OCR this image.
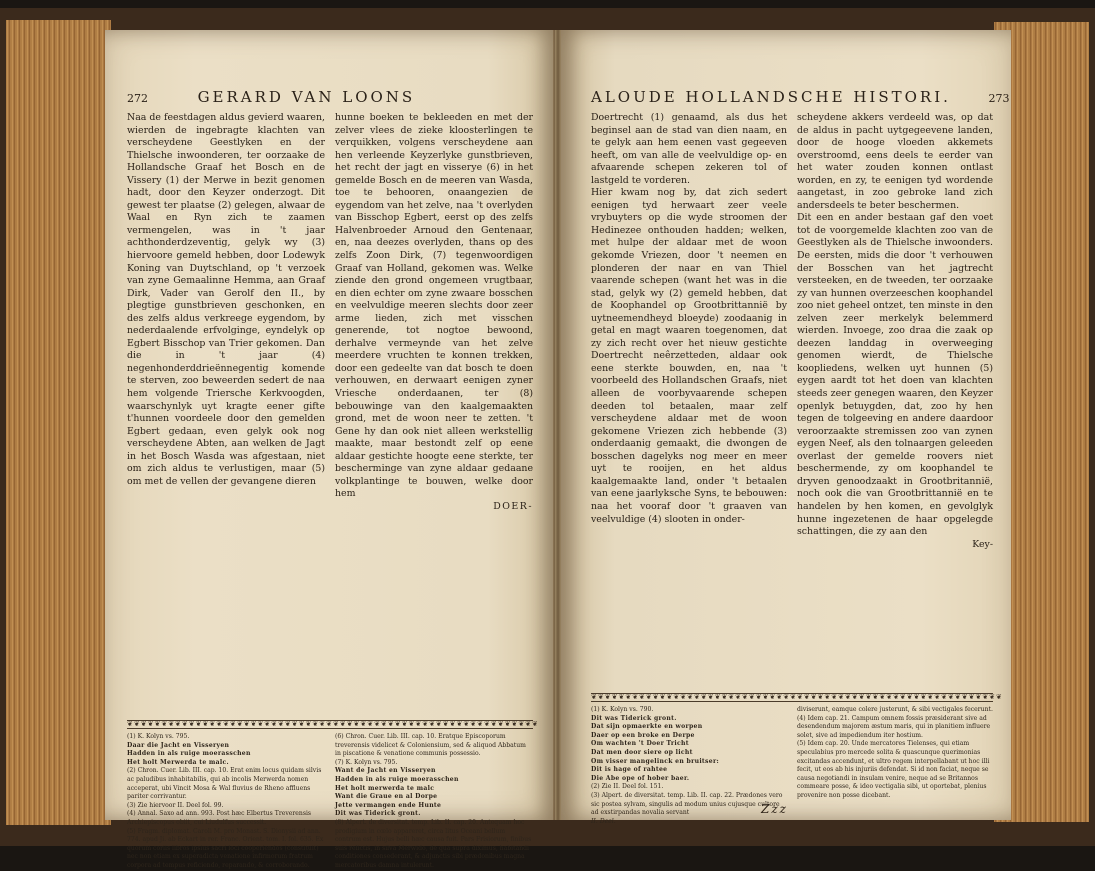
272	GERARD VAN LOONS

Naa de feestdagen aldus gevierd waaren, wierden de ingebragte klachten van verscheydene Geestlyken en der Thielsche inwoonderen, ter oorzaake de Hollandsche Graaf het Bosch en de Vissery (1) der Merwe in bezit genomen hadt, door den Keyzer onderzogt. Dit gewest ter plaatse (2) gelegen, alwaar de Waal en Ryn zich te zaamen vermengelen, was in 't jaar achthonderdzeventig, gelyk wy (3) hiervoore gemeld hebben, door Lodewyk Koning van Duytschland, op 't verzoek van zyne Gemaalinne Hemma, aan Graaf Dirk, Vader van Gerolf den II., by plegtige gunstbrieven geschonken, en des zelfs aldus verkreege eygendom, by nederdaalende erfvolginge, eyndelyk op Egbert Bisschop van Trier gekomen. Dan die in 't jaar (4) negenhonderddrieënnegentig komende te sterven, zoo beweerden sedert de naa hem volgende Triersche Kerkvoogden, waarschynlyk uyt kragte eener gifte t'hunnen voordeele door den gemelden Egbert gedaan, even gelyk ook nog verscheydene Abten, aan welken de Jagt in het Bosch Wasda was afgestaan, niet om zich aldus te verlustigen, maar (5) om met de vellen der gevangene dieren

hunne boeken te bekleeden en met der zelver vlees de zieke kloosterlingen te verquikken, volgens verscheydene aan hen verleende Keyzerlyke gunstbrieven, het recht der jagt en visserye (6) in het gemelde Bosch en de meeren van Wasda, toe te behooren, onaangezien de eygendom van het zelve, naa 't overlyden van Bisschop Egbert, eerst op des zelfs Halvenbroeder Arnoud den Gentenaar, en, naa deezes overlyden, thans op des zelfs Zoon Dirk, (7) tegenwoordigen Graaf van Holland, gekomen was. Welke ziende den grond ongemeen vrugtbaar, en dien echter om zyne zwaare bosschen en veelvuldige meeren slechts door zeer arme lieden, zich met visschen generende, tot nogtoe bewoond, derhalve vermeynde van het zelve meerdere vruchten te konnen trekken, door een gedeelte van dat bosch te doen verhouwen, en derwaart eenigen zyner Vriesche onderdaanen, ter (8) bebouwinge van den kaalgemaakten grond, met de woon neer te zetten. 't Gene hy dan ook niet alleen werkstellig maakte, maar bestondt zelf op eene aldaar gestichte hoogte eene sterkte, ter bescherminge van zyne aldaar gedaane volkplantinge te bouwen, welke door hem

DOER-
❦❦❦❦❦❦❦❦❦❦❦❦❦❦❦❦❦❦❦❦❦❦❦❦❦❦❦❦❦❦❦❦❦❦❦❦❦❦❦❦❦❦❦❦❦❦❦❦❦❦❦❦❦❦❦❦❦❦❦❦

(1) K. Kolyn vs. 795.

Daar die Jacht en Visseryen

Hadden in als ruige moerasschen

Het holt Merwerda te malc.

(2) Chron. Cuer. Lib. III. cap. 10. Erat enim locus quidam silvis ac paludibus inhabitabilis, qui ab incolis Merwerda nomen acceperat, ubi Vincit Mosa & Wal fluvius de Rheno affluens pariter corrivantur.

(3) Zie hiervoor II. Deel fol. 99.

(4) Annal. Saxo ad ann. 993. Post hæc Elbertus Treverensis Archiepiscopus obiit, cui Liudulfus successit.

(5) Fragm. diplomat. Caroli M. pro Monast. S. Dionysii ad ann. 774. apud Ji. ab Eckart in rer. Franc. Orient. tom. I. fol. 635. Ex quorum coriis libros ipsius sacri loci cooperiendos (constituit) nec non etiam ex superadicta venatione infirmorum fratrum corpora ad tempus reficiendo, reparando, & corroborando.

(6) Chron. Cuer. Lib. III. cap. 10. Eratque Episcoporum treverensis videlicet & Coloniensium, sed & aliquod Abbatum in piscatione & venatione communis possessio.

(7) K. Kolyn vs. 795.

Want de Jacht en Visseryen

Hadden in als ruige moerasschen

Het holt merwerda te malc

Want die Graue en al Dorpe

Jette vermangen ende Hunte

Dit was Tiderick gront.

(8) Alpert. de diversitat. temp. Lib. II. cap. 20. Antequam hoc prodigium in cœlo appareret, circa litus Oceani bellum contrum est. Hujus belli hæc causa fuit. Pars Frisiorum, finibus suis relictis, in silva Merwido, de qua supra diximus, habitandi conditiones consederant, & adjunctis sibi prædonibus magna mercatoribus damna intulerunt.

ALOUDE HOLLANDSCHE HISTORI.	273

Doertrecht (1) genaamd, als dus het beginsel aan de stad van dien naam, en te gelyk aan hem eenen vast gegeeven heeft, om van alle de veelvuldige op- en afvaarende schepen zekeren tol of lastgeld te vorderen.

Hier kwam nog by, dat zich sedert eenigen tyd herwaart zeer veele vrybuyters op die wyde stroomen der Hedinezee onthouden hadden; welken, met hulpe der aldaar met de woon gekomde Vriezen, door 't neemen en plonderen der naar en van Thiel vaarende schepen (want het was in die stad, gelyk wy (2) gemeld hebben, dat de Koophandel op Grootbrittannië by uytneemendheyd bloeyde) zoodaanig in getal en magt waaren toegenomen, dat zy zich recht over het nieuw gestichte Doertrecht neêrzetteden, aldaar ook eene sterkte bouwden, en, naa 't voorbeeld des Hollandschen Graafs, niet alleen de voorbyvaarende schepen deeden tol betaalen, maar zelf verscheydene aldaar met de woon gekomene Vriezen zich hebbende (3) onderdaanig gemaakt, die dwongen de bosschen dagelyks nog meer en meer uyt te rooijen, en het aldus kaalgemaakte land, onder 't betaalen van eene jaarlyksche Syns, te bebouwen: naa het vooraf door 't graaven van veelvuldige (4) slooten in onder-

scheydene akkers verdeeld was, op dat de aldus in pacht uytgegeevene landen, door de hooge vloeden akkemets overstroomd, eens deels te eerder van het water zouden konnen ontlast worden, en zy, te eenigen tyd wordende aangetast, in zoo gebroke land zich andersdeels te beter beschermen.

Dit een en ander bestaan gaf den voet tot de voorgemelde klachten zoo van de Geestlyken als de Thielsche inwoonders. De eersten, mids die door 't verhouwen der Bosschen van het jagtrecht versteeken, en de tweeden, ter oorzaake zy van hunnen overzeeschen koophandel zoo niet geheel ontzet, ten minste in den zelven zeer merkelyk belemmerd wierden. Invoege, zoo draa die zaak op deezen landdag in overweeging genomen wierdt, de Thielsche koopliedens, welken uyt hunnen (5) eygen aardt tot het doen van klachten steeds zeer genegen waaren, den Keyzer openlyk betuygden, dat, zoo hy hen tegen de tolgeeving en andere daardoor veroorzaakte stremissen zoo van zynen eygen Neef, als den tolnaargen geleeden overlast der gemelde roovers niet beschermende, zy om koophandel te dryven genoodzaakt in Grootbritannië, noch ook die van Grootbrittannië en te handelen by hen komen, en gevolglyk hunne ingezetenen de haar opgelegde schattingen, die zy aan den

Key-
❦❦❦❦❦❦❦❦❦❦❦❦❦❦❦❦❦❦❦❦❦❦❦❦❦❦❦❦❦❦❦❦❦❦❦❦❦❦❦❦❦❦❦❦❦❦❦❦❦❦❦❦❦❦❦❦❦❦❦❦

(1) K. Kolyn vs. 790.

Dit was Tiderick gront.

Dat sijn opmaerkte en worpen

Daer op een broke en Derpe

Om wachten 't Doer Tricht

Dat men door siere op licht

Om visser mangelinck en bruitser:

Dit is hage of rahtee

Die Abe ope of hober baer.

(2) Zie II. Deel fol. 151.

(3) Alpert. de diversitat. temp. Lib. II. cap. 22. Prædones vero sic postea sylvam, singulis ad modum unius cujusque cultore ad exstirpandas novalia servant

II. Deel.

diviserunt, eamque colere justerunt, & sibi vectigales fecerunt.

(4) Idem cap. 21. Campum omnem fossis præsiderant sive ad desendendum majorem æstum maris, qui in planitiem influere solet, sive ad impediendum iter hostium.

(5) Idem cap. 20. Unde mercatores Tielenses, qui etiam speculabius pro mercede solita & quascunque querimonias excitandas accendunt, et ultro regem interpellabant ut hoc illi fecit, ut eos ab his injuriis defendat. Si id non faciat, neque se causa negotiandi in insulam venire, neque ad se Britannos commeare posse, & ideo vectigalia sibi, ut oportebat, plenius provenire non posse dicebant.

Zzz
